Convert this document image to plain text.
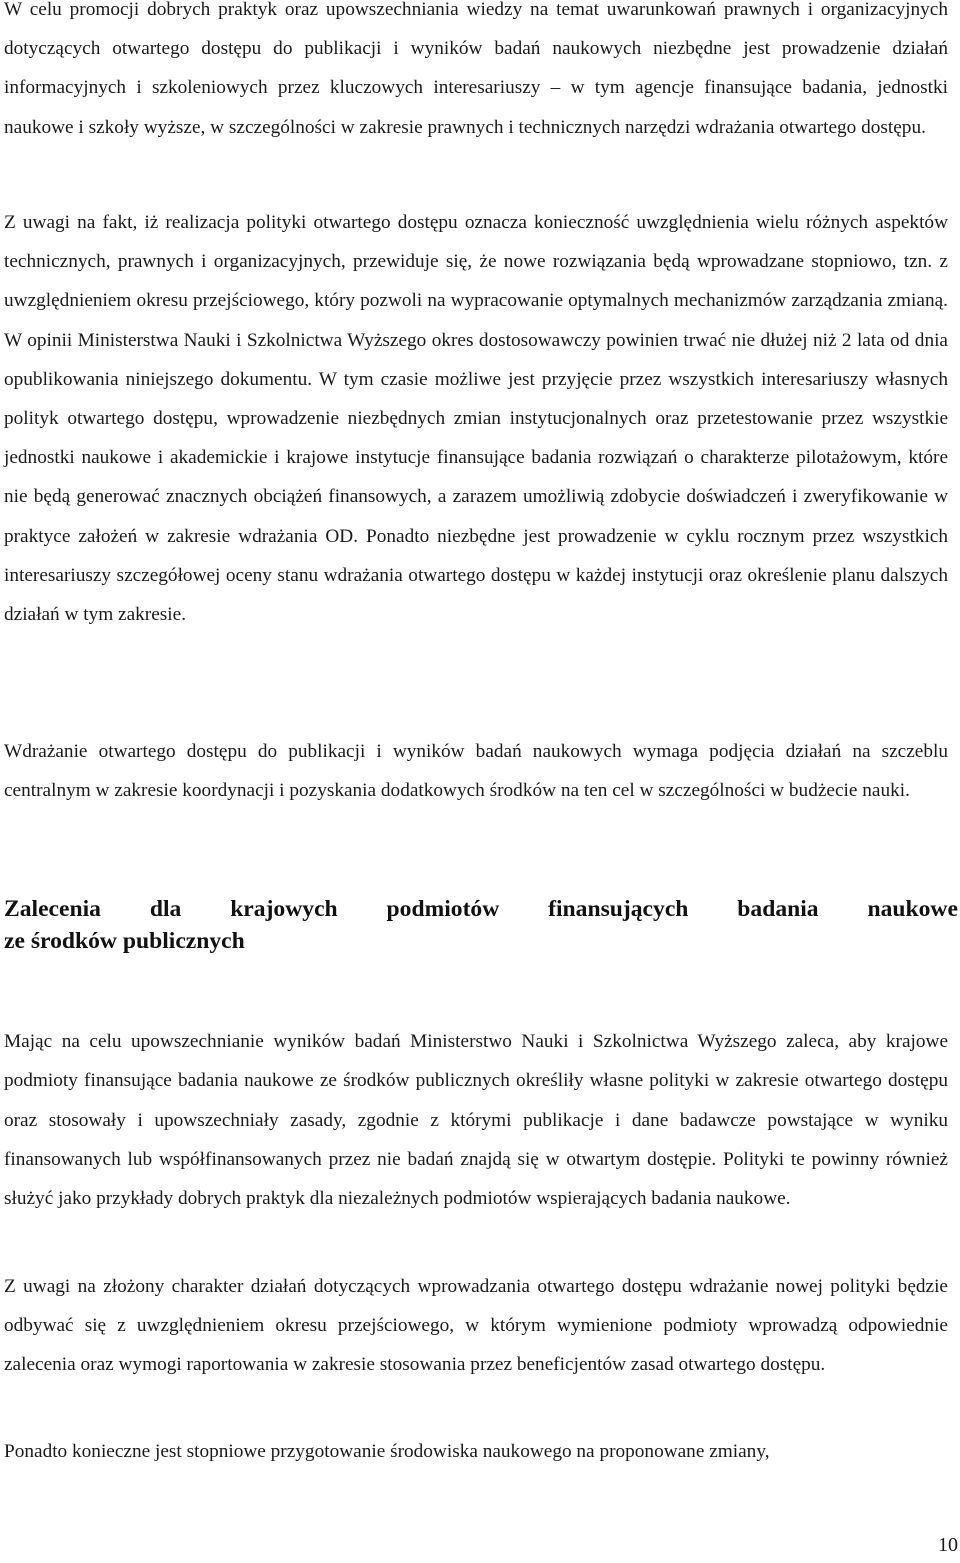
W celu promocji dobrych praktyk oraz upowszechniania wiedzy na temat uwarunkowań prawnych i organizacyjnych dotyczących otwartego dostępu do publikacji i wyników badań naukowych niezbędne jest prowadzenie działań informacyjnych i szkoleniowych przez kluczowych interesariuszy – w tym agencje finansujące badania, jednostki naukowe i szkoły wyższe, w szczególności w zakresie prawnych i technicznych narzędzi wdrażania otwartego dostępu.

Z uwagi na fakt, iż realizacja polityki otwartego dostępu oznacza konieczność uwzględnienia wielu różnych aspektów technicznych, prawnych i organizacyjnych, przewiduje się, że nowe rozwiązania będą wprowadzane stopniowo, tzn. z uwzględnieniem okresu przejściowego, który pozwoli na wypracowanie optymalnych mechanizmów zarządzania zmianą. W opinii Ministerstwa Nauki i Szkolnictwa Wyższego okres dostosowawczy powinien trwać nie dłużej niż 2 lata od dnia opublikowania niniejszego dokumentu. W tym czasie możliwe jest przyjęcie przez wszystkich interesariuszy własnych polityk otwartego dostępu, wprowadzenie niezbędnych zmian instytucjonalnych oraz przetestowanie przez wszystkie jednostki naukowe i akademickie i krajowe instytucje finansujące badania rozwiązań o charakterze pilotażowym, które nie będą generować znacznych obciążeń finansowych, a zarazem umożliwią zdobycie doświadczeń i zweryfikowanie w praktyce założeń w zakresie wdrażania OD. Ponadto niezbędne jest prowadzenie w cyklu rocznym przez wszystkich interesariuszy szczegółowej oceny stanu wdrażania otwartego dostępu w każdej instytucji oraz określenie planu dalszych działań w tym zakresie.

Wdrażanie otwartego dostępu do publikacji i wyników badań naukowych wymaga podjęcia działań na szczeblu centralnym w zakresie koordynacji i pozyskania dodatkowych środków na ten cel w szczególności w budżecie nauki.

Zalecenia dla krajowych podmiotów finansujących badania naukowe
ze środków publicznych

Mając na celu upowszechnianie wyników badań Ministerstwo Nauki i Szkolnictwa Wyższego zaleca, aby krajowe podmioty finansujące badania naukowe ze środków publicznych określiły własne polityki w zakresie otwartego dostępu oraz stosowały i upowszechniały zasady, zgodnie z którymi publikacje i dane badawcze powstające w wyniku finansowanych lub współfinansowanych przez nie badań znajdą się w otwartym dostępie. Polityki te powinny również służyć jako przykłady dobrych praktyk dla niezależnych podmiotów wspierających badania naukowe.

Z uwagi na złożony charakter działań dotyczących wprowadzania otwartego dostępu wdrażanie nowej polityki będzie odbywać się z uwzględnieniem okresu przejściowego, w którym wymienione podmioty wprowadzą odpowiednie zalecenia oraz wymogi raportowania w zakresie stosowania przez beneficjentów zasad otwartego dostępu.

Ponadto konieczne jest stopniowe przygotowanie środowiska naukowego na proponowane zmiany,

10
